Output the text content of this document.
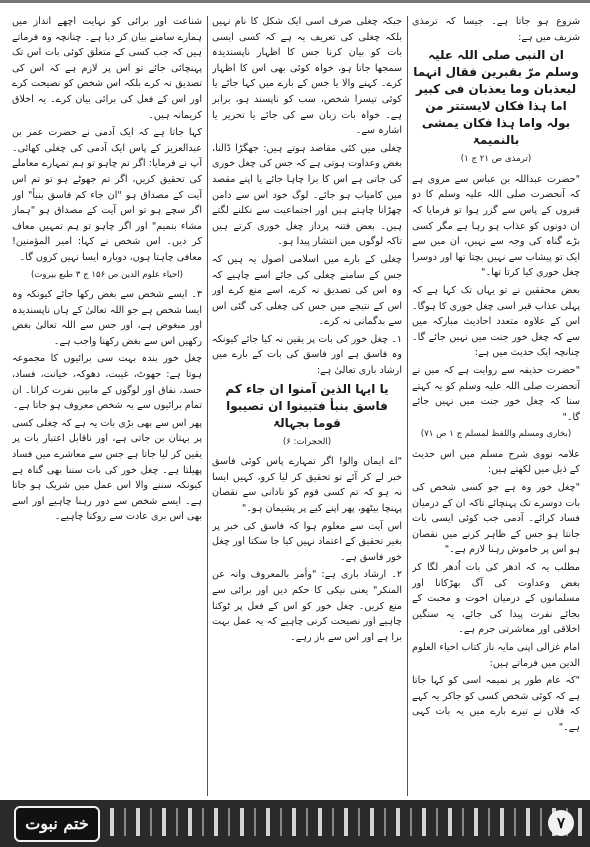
شروع ہو جاتا ہے۔ جیسا کہ ترمذی شریف میں ہے:

ان النبی صلی اللہ علیہ وسلم مرّ بقبرین فقال انہما لیعذبان وما یعذبان فی کبیر اما ہذا فکان لایستتر من بولہ واما ہذا فکان یمشی بالنمیمۃ
(ترمذی ص ۲۱ ج ۱)

"حضرت عبداللہ بن عباس سے مروی ہے کہ آنحضرت صلی اللہ علیہ وسلم کا دو قبروں کے پاس سے گزر ہوا تو فرمایا کہ ان دونوں کو عذاب ہو رہا ہے مگر کسی بڑے گناہ کی وجہ سے نہیں، ان میں سے ایک تو پیشاب سے نہیں بچتا تھا اور دوسرا چغل خوری کیا کرتا تھا۔"

بعض محققین نے تو یہاں تک کہا ہے کہ پہلی عذاب قبر اسی چغل خوری کا ہوگا۔ اس کے علاوہ متعدد احادیث مبارکہ میں سے کہ چغل خور جنت میں نہیں جائے گا۔ چنانچہ ایک حدیث میں ہے:

"حضرت حذیفہ سے روایت ہے کہ میں نے آنحضرت صلی اللہ علیہ وسلم کو یہ کہتے سنا کہ چغل خور جنت میں نہیں جائے گا۔"

(بخاری ومسلم واللفظ لمسلم ج ۱ ص ۷۱)

علامہ نووی شرح مسلم میں اس حدیث کے ذیل میں لکھتے ہیں:

"چغل خور وہ ہے جو کسی شخص کی بات دوسرے تک پہنچائے تاکہ ان کے درمیان فساد کرائے۔ آدمی جب کوئی ایسی بات جانتا ہو جس کے ظاہر کرنے میں نقصان ہو اس پر خاموش رہنا لازم ہے۔"

مطلب یہ کہ ادھر کی بات اُدھر لگا کر بغض وعداوت کی آگ بھڑکانا اور مسلمانوں کے درمیان اخوت و محبت کے بجائے نفرت پیدا کی جائے، یہ سنگین اخلاقی اور معاشرتی جرم ہے۔

امام غزالی اپنی مایہ ناز کتاب احیاء العلوم الدین میں فرماتے ہیں:

"کہ عام طور پر نمیمہ اسی کو کہا جاتا ہے کہ کوئی شخص کسی کو جاکر یہ کہے کہ فلاں نے تیرے بارے میں یہ بات کہی ہے۔"

جبکہ چغلی صرف اسی ایک شکل کا نام نہیں بلکہ چغلی کی تعریف یہ ہے کہ کسی ایسی بات کو بیان کرنا جس کا اظہار ناپسندیدہ سمجھا جاتا ہو، خواہ کوئی بھی اس کا اظہار کرے۔ کہنے والا یا جس کے بارے میں کہا جائے یا کوئی تیسرا شخص، سب کو ناپسند ہو، برابر ہے۔ خواہ بات زبان سے کی جائے یا تحریر یا اشارہ سے۔

چغلی میں کئی مقاصد ہوتے ہیں: جھگڑا ڈالنا، بغض وعداوت ہوتی ہے کہ جس کی چغل خوری کی جاتی ہے اس کا برا چاہا جائے یا اپنے مقصد میں کامیاب ہو جائے۔ لوگ خود اس سے دامن چھڑانا چاہتے ہیں اور اجتماعیت سے نکلنے لگتے ہیں۔ بعض فتنہ پرداز چغل خوری کرتے ہیں تاکہ لوگوں میں انتشار پیدا ہو۔

چغلی کے بارے میں اسلامی اصول یہ ہیں کہ جس کے سامنے چغلی کی جائے اسے چاہیے کہ وہ اس کی تصدیق نہ کرے، اسے منع کرے اور اس کے نتیجے میں جس کی چغلی کی گئی اس سے بدگمانی نہ کرے۔

۱۔ چغل خور کی بات پر یقین نہ کیا جائے کیونکہ وہ فاسق ہے اور فاسق کی بات کے بارے میں ارشاد باری تعالیٰ ہے:

یا ایہا الذین آمنوا ان جاء کم فاسق بنبأ فتبینوا ان تصیبوا قوما بجہالۃ
(الحجرات: ۶)

"اے ایمان والو! اگر تمہارے پاس کوئی فاسق خبر لے کر آئے تو تحقیق کر لیا کرو، کہیں ایسا نہ ہو کہ تم کسی قوم کو نادانی سے نقصان پہنچا بیٹھو، پھر اپنے کیے پر پشیمان ہو۔"

اس آیت سے معلوم ہوا کہ فاسق کی خبر پر بغیر تحقیق کے اعتماد نہیں کیا جا سکتا اور چغل خور فاسق ہے۔

۲۔ ارشاد باری ہے: "وأمر بالمعروف وانہ عن المنکر" یعنی نیکی کا حکم دیں اور برائی سے منع کریں۔ چغل خور کو اس کے فعل پر ٹوکنا چاہیے اور نصیحت کرنی چاہیے کہ یہ عمل بہت برا ہے اور اس سے باز رہے۔

شناعت اور برائی کو نہایت اچھے انداز میں ہمارے سامنے بیان کر دیا ہے۔ چنانچہ وہ فرماتے ہیں کہ جب کسی کے متعلق کوئی بات اس تک پہنچائی جائے تو اس پر لازم ہے کہ اس کی تصدیق نہ کرے بلکہ اس شخص کو نصیحت کرے اور اس کے فعل کی برائی بیان کرے۔ یہ اخلاق کریمانہ ہیں۔

کہا جاتا ہے کہ ایک آدمی نے حضرت عمر بن عبدالعزیز کے پاس ایک آدمی کی چغلی کھائی۔ آپ نے فرمایا: اگر تم چاہو تو ہم تمہارے معاملے کی تحقیق کریں، اگر تم جھوٹے ہو تو تم اس آیت کے مصداق ہو "ان جاء کم فاسق بنبأ" اور اگر سچے ہو تو اس آیت کے مصداق ہو "ہماز مشاء بنمیم" اور اگر چاہو تو ہم تمہیں معاف کر دیں۔ اس شخص نے کہا: امیر المؤمنین! معافی چاہتا ہوں، دوبارہ ایسا نہیں کروں گا۔

(احیاء علوم الدین ص ۱۵۶ ج ۳ طبع بیروت)

۳۔ ایسے شخص سے بغض رکھا جائے کیونکہ وہ ایسا شخص ہے جو اللہ تعالیٰ کے ہاں ناپسندیدہ اور مبغوض ہے، اور جس سے اللہ تعالیٰ بغض رکھیں اس سے بغض رکھنا واجب ہے۔

چغل خور بندہ بہت سی برائیوں کا مجموعہ ہوتا ہے: جھوٹ، غیبت، دھوکہ، خیانت، فساد، حسد، نفاق اور لوگوں کے مابین نفرت کرانا۔ ان تمام برائیوں سے یہ شخص معروف ہو جاتا ہے۔

پھر اس سے بھی بڑی بات یہ ہے کہ چغلی کسی پر بہتان بن جاتی ہے، اور ناقابل اعتبار بات پر یقین کر لیا جاتا ہے جس سے معاشرے میں فساد پھیلتا ہے۔ چغل خور کی بات سننا بھی گناہ ہے کیونکہ سننے والا اس عمل میں شریک ہو جاتا ہے۔ ایسے شخص سے دور رہنا چاہیے اور اسے بھی اس بری عادت سے روکنا چاہیے۔

ختم نبوت	۷
